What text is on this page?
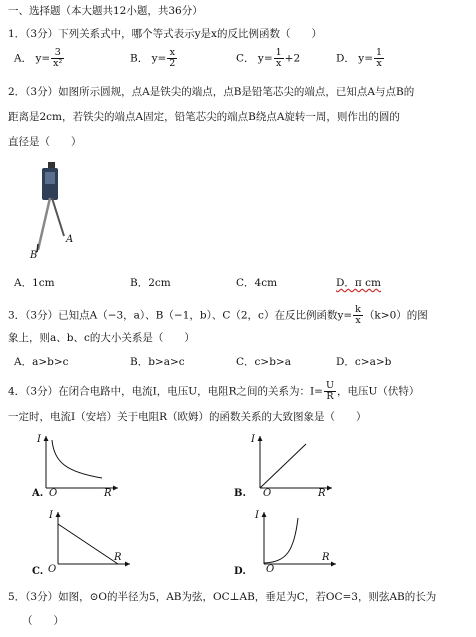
一、选择题（本大题共12小题，共36分）
1．（3分）下列关系式中，哪个等式表示y是x的反比例函数（　　）
A． $y= \frac{3}{\text{x²}}$	B． $y= \frac{x}{2}$	C． $y= \frac{1}{x} +2$	D． $y= \frac{1}{x}$
2．（3分）如图所示圆规，点A是铁尖的端点，点B是铅笔芯尖的端点，已知点A与点B的
距离是2cm，若铁尖的端点A固定，铅笔芯尖的端点B绕点A旋转一周，则作出的圆的
直径是（　　）
A
B
A．1cm	B．2cm	C．4cm	D．π cm
3．（3分）已知点A（−3，a）、B（−1，b）、C（2，c）在反比例函数$y= \frac{k}{x} (k>0)$的图
象上，则a、b、c的大小关系是（　　）
A．a>b>c	B．b>a>c	C．c>b>a	D．c>a>b
4．（3分）在闭合电路中，电流I，电压U，电阻R之间的关系为：$I= \frac{U}{R}$ ，电压U（伏特）
一定时，电流I（安培）关于电阻R（欧姆）的函数关系的大致图象是（　　）
I
R
O
A.
I
R
O
B.
I
R
O
C.
I
R
O
D.
5．（3分）如图，⊙O的半径为5，AB为弦，OC⊥AB，垂足为C，若OC=3，则弦AB的长为
（　　）
